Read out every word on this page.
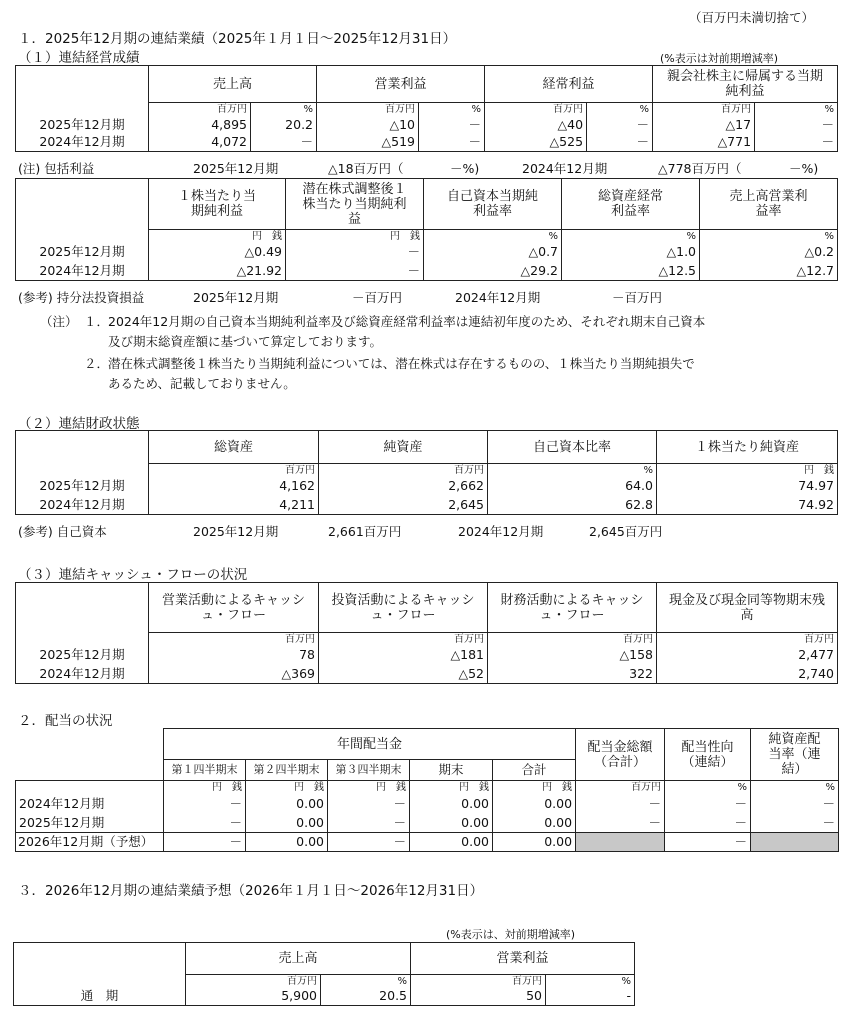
（百万円未満切捨て）
１．2025年12月期の連結業績（2025年１月１日～2025年12月31日）
（１）連結経営成績	(%表示は対前期増減率)
	売上高		営業利益		経常利益		親会社株主に帰属する当期純利益	
	百万円	%	百万円	%	百万円	%	百万円	%
2025年12月期	4,895	20.2	△10	－	△40	－	△17	－
2024年12月期	4,072	－	△519	－	△525	－	△771	－
(注) 包括利益	2025年12月期	△18百万円（	－%)	2024年12月期	△778百万円（	－%)
	１株当たり当期純利益	潜在株式調整後１株当たり当期純利益	自己資本当期純利益率	総資産経常利益率	売上高営業利益率
	円　銭	円　銭	%	%	%
2025年12月期	△0.49	－	△0.7	△1.0	△0.2
2024年12月期	△21.92	－	△29.2	△12.5	△12.7
(参考) 持分法投資損益	2025年12月期	－百万円	2024年12月期	－百万円
（注） １．
2024年12月期の自己資本当期純利益率及び総資産経常利益率は連結初年度のため、それぞれ期末自己資本
及び期末総資産額に基づいて算定しております。
２．
潜在株式調整後１株当たり当期純利益については、潜在株式は存在するものの、１株当たり当期純損失で
あるため、記載しておりません。
（２）連結財政状態
	総資産	純資産	自己資本比率	１株当たり純資産
	百万円	百万円	%	円　銭
2025年12月期	4,162	2,662	64.0	74.97
2024年12月期	4,211	2,645	62.8	74.92
(参考) 自己資本	2025年12月期	2,661百万円	2024年12月期	2,645百万円
（３）連結キャッシュ・フローの状況
	営業活動によるキャッシュ・フロー	投資活動によるキャッシュ・フロー	財務活動によるキャッシュ・フロー	現金及び現金同等物期末残高
	百万円	百万円	百万円	百万円
2025年12月期	78	△181	△158	2,477
2024年12月期	△369	△52	322	2,740
２．配当の状況
	年間配当金					配当金総額（合計）	配当性向（連結）	純資産配当率（連結）
	第１四半期末	第２四半期末	第３四半期末	期末	合計			
	円　銭	円　銭	円　銭	円　銭	円　銭	百万円	%	%
2024年12月期	－	0.00	－	0.00	0.00	－	－	－
2025年12月期	－	0.00	－	0.00	0.00	－	－	－
2026年12月期（予想）	－	0.00	－	0.00	0.00		－	
３．2026年12月期の連結業績予想（2026年１月１日～2026年12月31日）
(%表示は、対前期増減率)
	売上高		営業利益	
	百万円	%	百万円	%
通　期	5,900	20.5	50	-
